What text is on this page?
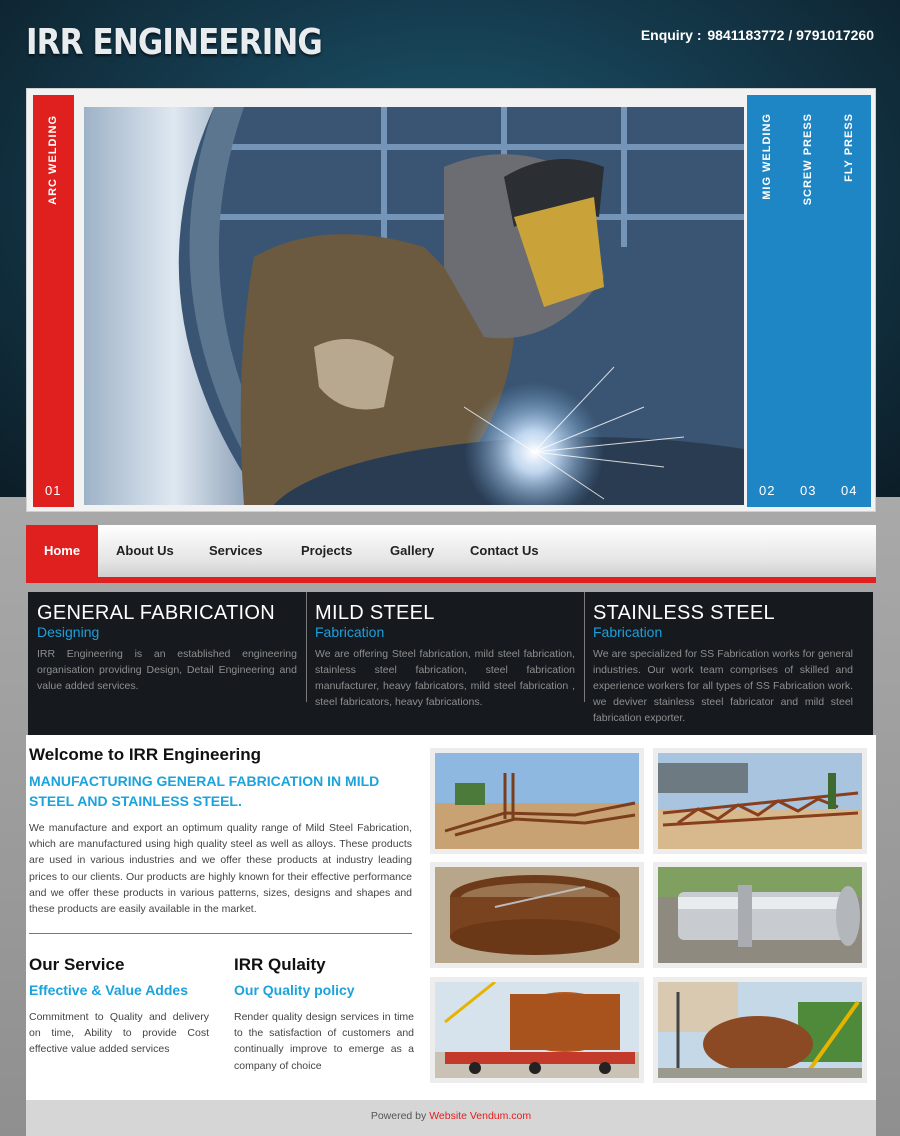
IRR ENGINEERING	Enquiry : 9841183772 / 9791017260
ARC WELDING
01
MIG WELDING	SCREW PRESS	FLY PRESS
02 03 04
Home	About Us	Services	Projects	Gallery	Contact Us
GENERAL FABRICATION
Designing

IRR Engineering is an established engineering organisation providing Design, Detail Engineering and value added services.

MILD STEEL
Fabrication

We are offering Steel fabrication, mild steel fabrication, stainless steel fabrication, steel fabrication manufacturer, heavy fabricators, mild steel fabrication , steel fabricators, heavy fabrications.

STAINLESS STEEL
Fabrication

We are specialized for SS Fabrication works for general industries. Our work team comprises of skilled and experience workers for all types of SS Fabrication work. we deviver stainless steel fabricator and mild steel fabrication exporter.

Welcome to IRR Engineering
MANUFACTURING GENERAL FABRICATION IN MILD STEEL AND STAINLESS STEEL.
We manufacture and export an optimum quality range of Mild Steel Fabrication, which are manufactured using high quality steel as well as alloys. These products are used in various industries and we offer these products at industry leading prices to our clients. Our products are highly known for their effective performance and we offer these products in various patterns, sizes, designs and shapes and these products are easily available in the market.
Our Service
Effective & Value Addes
Commitment to Quality and delivery on time, Ability to provide Cost effective value added services
IRR Qulaity
Our Quality policy
Render quality design services in time to the satisfaction of customers and continually improve to emerge as a company of choice
Powered by Website Vendum.com
